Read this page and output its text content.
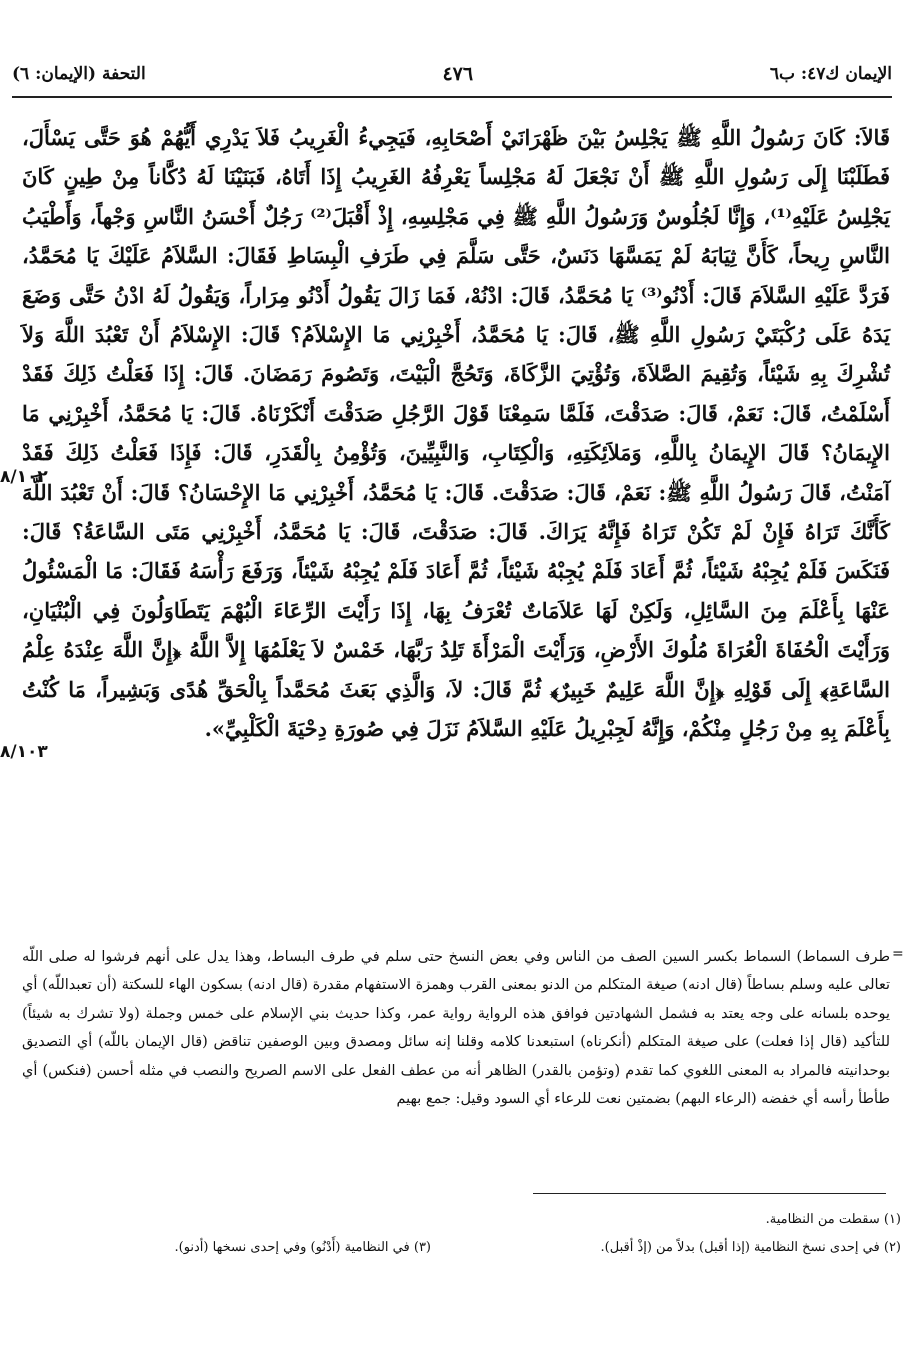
الإيمان ك٤٧: ب٦
٤٧٦
التحفة (الإيمان: ٦)

قَالاَ: كَانَ رَسُولُ اللَّهِ ﷺ يَجْلِسُ بَيْنَ ظَهْرَانَيْ أَصْحَابِهِ، فَيَجِيءُ الْغَرِيبُ فَلاَ يَدْرِي أَيُّهُمْ هُوَ حَتَّى يَسْأَلَ، فَطَلَبْنَا إِلَى رَسُولِ اللَّهِ ﷺ أَنْ نَجْعَلَ لَهُ مَجْلِساً يَعْرِفُهُ الغَرِيبُ إِذَا أَتَاهُ، فَبَنَيْنَا لَهُ دُكَّاناً مِنْ طِينٍ كَانَ يَجْلِسُ عَلَيْهِ⁽¹⁾، وَإِنَّا لَجُلُوسٌ وَرَسُولُ اللَّهِ ﷺ فِي مَجْلِسِهِ، إِذْ أَقْبَلَ⁽²⁾ رَجُلٌ أَحْسَنُ النَّاسِ وَجْهاً، وَأَطْيَبُ النَّاسِ رِيحاً، كَأَنَّ ثِيَابَهُ لَمْ يَمَسَّهَا دَنَسٌ، حَتَّى سَلَّمَ فِي طَرَفِ الْبِسَاطِ فَقَالَ: السَّلاَمُ عَلَيْكَ يَا مُحَمَّدُ، فَرَدَّ عَلَيْهِ السَّلاَمَ قَالَ: أَدْنُو⁽³⁾ يَا مُحَمَّدُ، قَالَ: ادْنُهْ، فَمَا زَالَ يَقُولُ أَدْنُو مِرَاراً، وَيَقُولُ لَهُ ادْنُ حَتَّى وَضَعَ يَدَهُ عَلَى رُكْبَتَيْ رَسُولِ اللَّهِ ﷺ، قَالَ: يَا مُحَمَّدُ، أَخْبِرْنِي مَا الإِسْلاَمُ؟ قَالَ: الإِسْلاَمُ أَنْ تَعْبُدَ اللَّهَ وَلاَ تُشْرِكَ بِهِ شَيْئاً، وَتُقِيمَ الصَّلاَةَ، وَتُؤْتِيَ الزَّكَاةَ، وَتَحُجَّ الْبَيْتَ، وَتَصُومَ رَمَضَانَ. قَالَ: إِذَا فَعَلْتُ ذَلِكَ فَقَدْ أَسْلَمْتُ، قَالَ: نَعَمْ، قَالَ: صَدَقْتَ، فَلَمَّا سَمِعْنَا قَوْلَ الرَّجُلِ صَدَقْتَ أَنْكَرْنَاهُ. قَالَ: يَا مُحَمَّدُ، أَخْبِرْنِي مَا الإِيمَانُ؟ قَالَ الإِيمَانُ بِاللَّهِ، وَمَلاَئِكَتِهِ، وَالْكِتَابِ، وَالنَّبِيِّينَ، وَتُؤْمِنُ بِالْقَدَرِ، قَالَ: فَإِذَا فَعَلْتُ ذَلِكَ فَقَدْ آمَنْتُ، قَالَ رَسُولُ اللَّهِ ﷺ: نَعَمْ، قَالَ: صَدَقْتَ. قَالَ: يَا مُحَمَّدُ، أَخْبِرْنِي مَا الإِحْسَانُ؟ قَالَ: أَنْ تَعْبُدَ اللَّهَ كَأَنَّكَ تَرَاهُ فَإِنْ لَمْ تَكُنْ تَرَاهُ فَإِنَّهُ يَرَاكَ. قَالَ: صَدَقْتَ، قَالَ: يَا مُحَمَّدُ، أَخْبِرْنِي مَتَى السَّاعَةُ؟ قَالَ: فَنَكَسَ فَلَمْ يُجِبْهُ شَيْئاً، ثُمَّ أَعَادَ فَلَمْ يُجِبْهُ شَيْئاً، ثُمَّ أَعَادَ فَلَمْ يُجِبْهُ شَيْئاً، وَرَفَعَ رَأْسَهُ فَقَالَ: مَا الْمَسْئُولُ عَنْهَا بِأَعْلَمَ مِنَ السَّائِلِ، وَلَكِنْ لَهَا عَلاَمَاتٌ تُعْرَفُ بِهَا، إِذَا رَأَيْتَ الرِّعَاءَ الْبُهْمَ يَتَطَاوَلُونَ فِي الْبُنْيَانِ، وَرَأَيْتَ الْحُفَاةَ الْعُرَاةَ مُلُوكَ الأَرْضِ، وَرَأَيْتَ الْمَرْأَةَ تَلِدُ رَبَّهَا، خَمْسٌ لاَ يَعْلَمُهَا إِلاَّ اللَّهُ ﴿إِنَّ اللَّهَ عِنْدَهُ عِلْمُ السَّاعَةِ﴾ إِلَى قَوْلِهِ ﴿إِنَّ اللَّهَ عَلِيمٌ خَبِيرٌ﴾ ثُمَّ قَالَ: لاَ، وَالَّذِي بَعَثَ مُحَمَّداً بِالْحَقِّ هُدًى وَبَشِيراً، مَا كُنْتُ بِأَعْلَمَ بِهِ مِنْ رَجُلٍ مِنْكُمْ، وَإِنَّهُ لَجِبْرِيلُ عَلَيْهِ السَّلاَمُ نَزَلَ فِي صُورَةِ دِحْيَةَ الْكَلْبِيِّ».

٨/١٠٢
٨/١٠٣
=
طرف السماط) السماط بكسر السين الصف من الناس وفي بعض النسخ حتى سلم في طرف البساط، وهذا يدل على أنهم فرشوا له صلى اللّه تعالى عليه وسلم بساطاً (قال ادنه) صيغة المتكلم من الدنو بمعنى القرب وهمزة الاستفهام مقدرة (قال ادنه) بسكون الهاء للسكتة (أن تعبداللّه) أي يوحده بلسانه على وجه يعتد به فشمل الشهادتين فوافق هذه الرواية رواية عمر، وكذا حديث بني الإسلام على خمس وجملة (ولا تشرك به شيئاً) للتأكيد (قال إذا فعلت) على صيغة المتكلم (أنكرناه) استبعدنا كلامه وقلنا إنه سائل ومصدق وبين الوصفين تناقض (قال الإيمان باللّه) أي التصديق بوحدانيته فالمراد به المعنى اللغوي كما تقدم (وتؤمن بالقدر) الظاهر أنه من عطف الفعل على الاسم الصريح والنصب في مثله أحسن (فنكس) أي طأطأ رأسه أي خفضه (الرعاء البهم) بضمتين نعت للرعاء أي السود وقيل: جمع بهيم
(١) سقطت من النظامية.
(٢) في إحدى نسخ النظامية (إذا أقبل) بدلاً من (إذْ أقبل).
(٣) في النظامية (أَدْنُو) وفي إحدى نسخها (أدنو).
